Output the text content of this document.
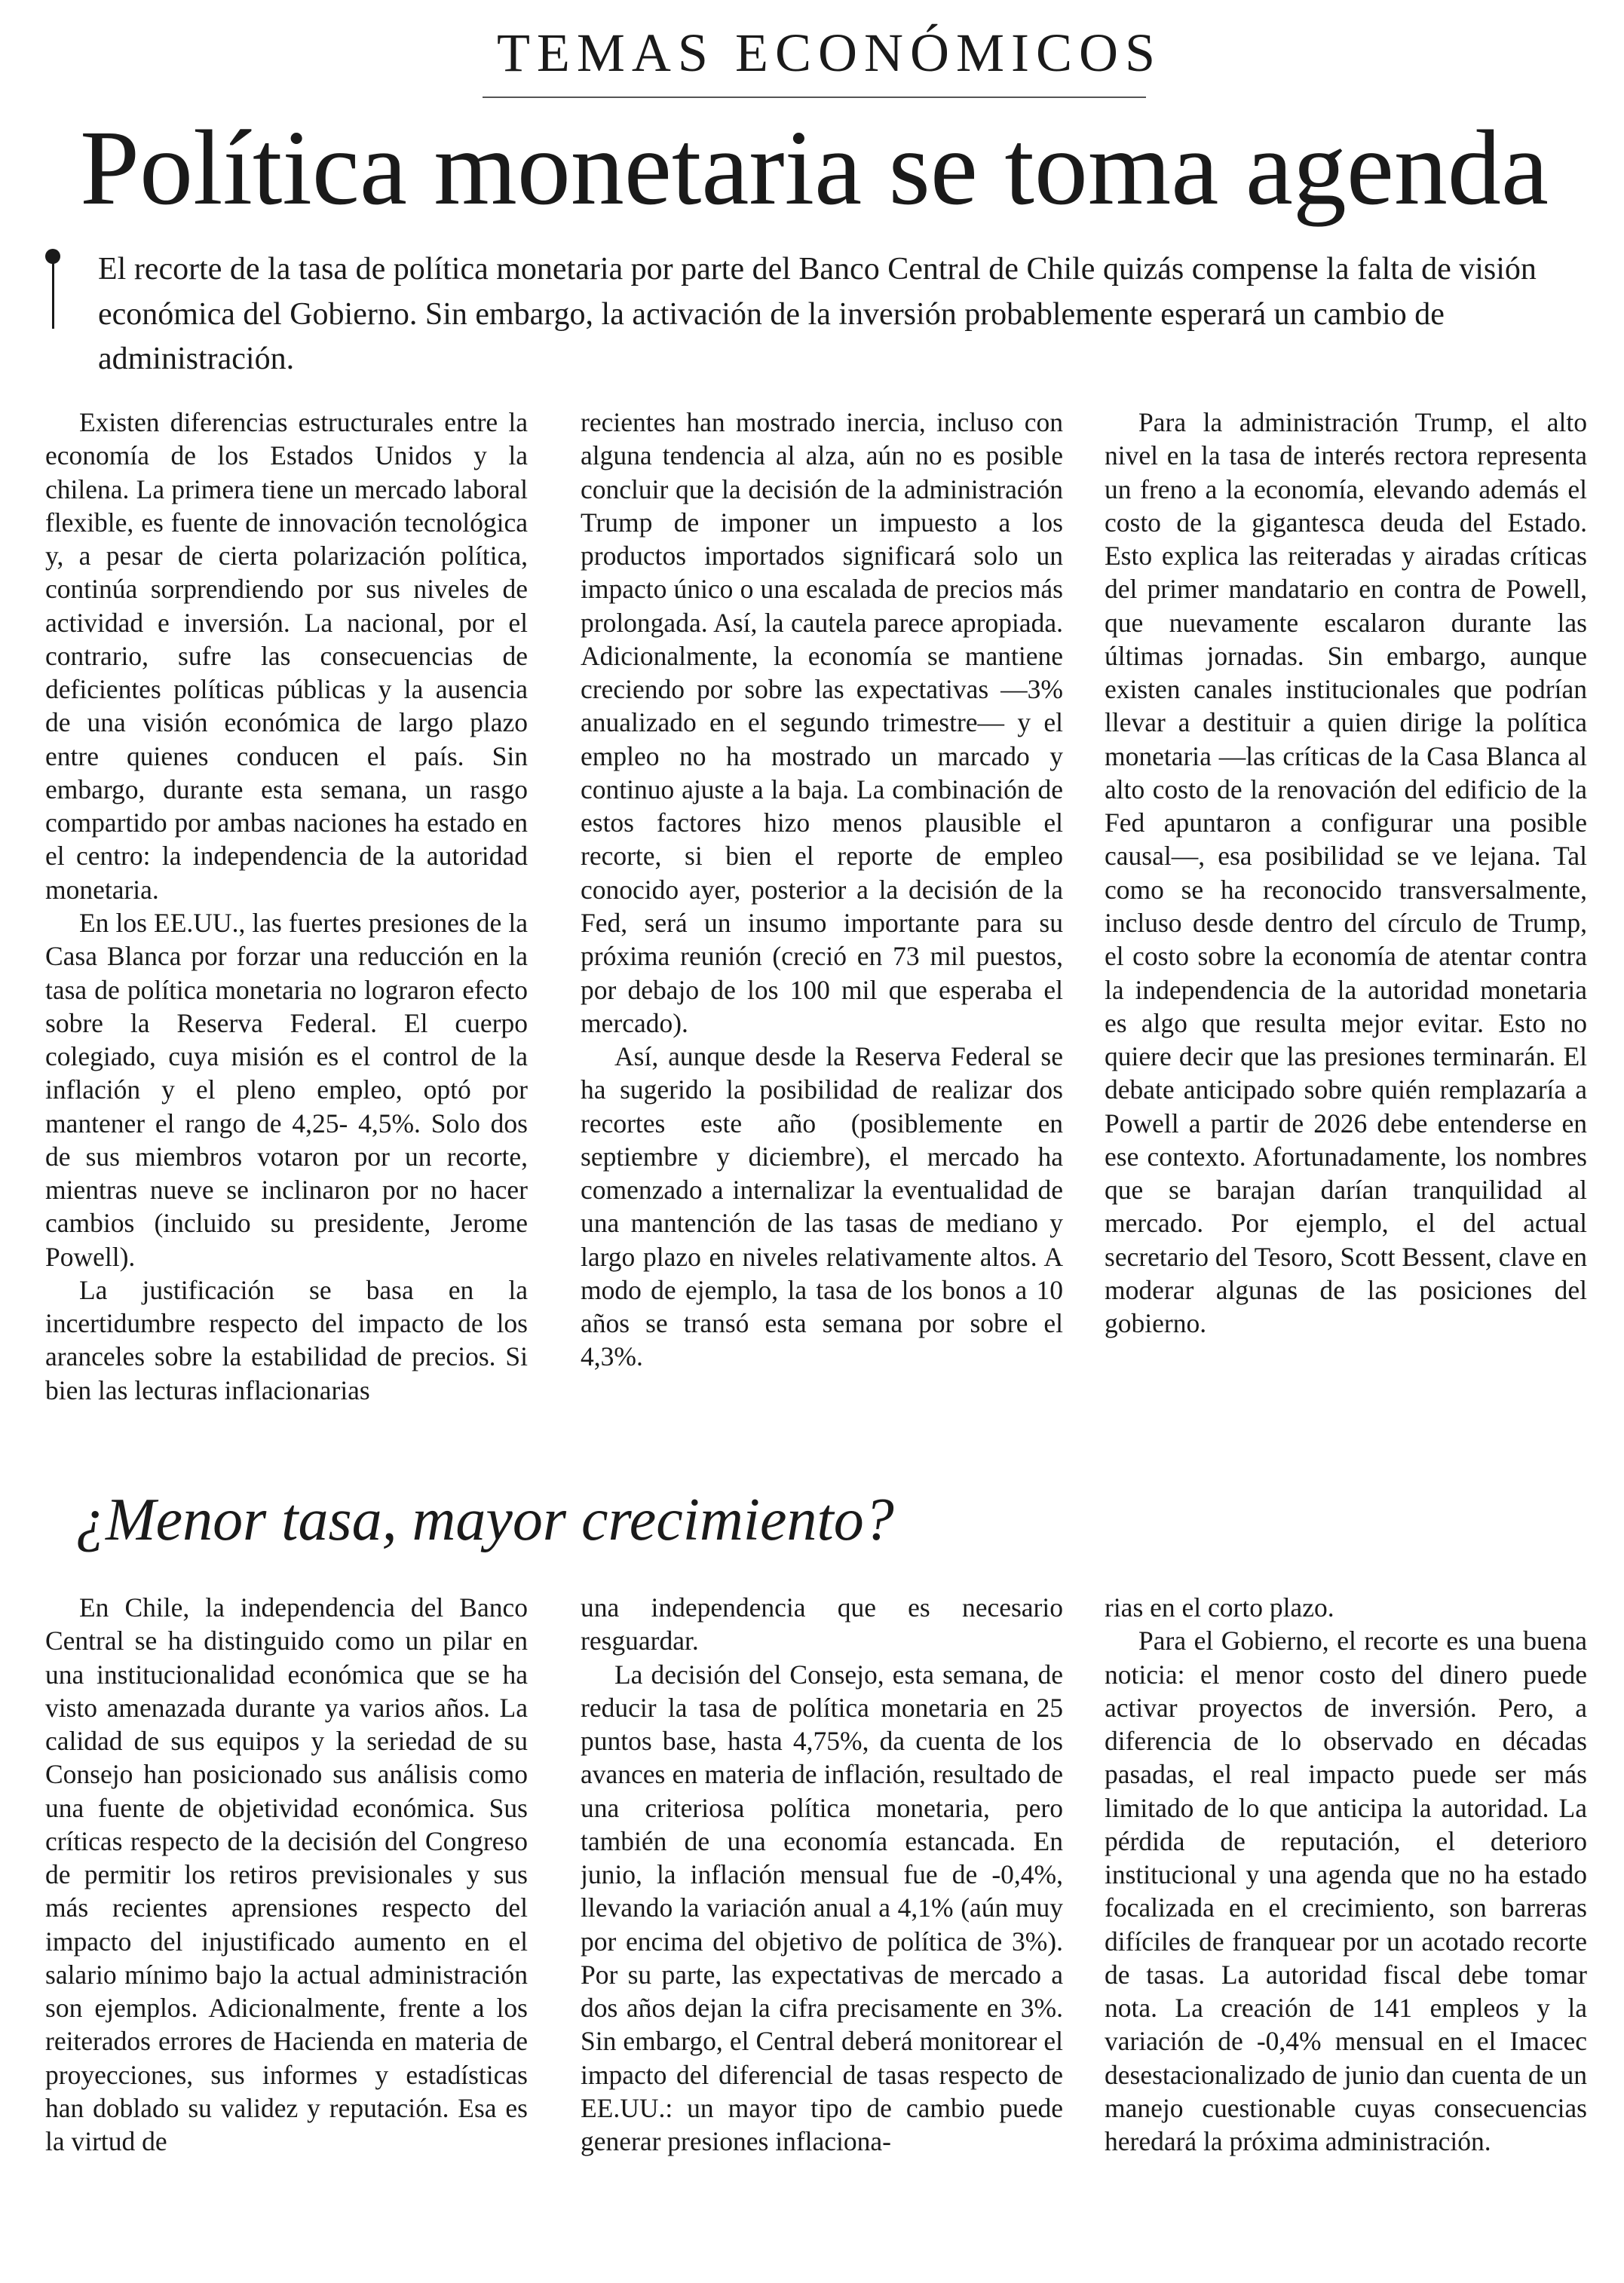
TEMAS ECONÓMICOS
Política monetaria se toma agenda

El recorte de la tasa de política monetaria por parte del Banco Central de Chile quizás compense la falta de visión económica del Gobierno. Sin embargo, la activación de la inversión probablemente esperará un cambio de administración.

Existen diferencias estructurales entre la economía de los Estados Unidos y la chilena. La primera tiene un mercado laboral flexible, es fuente de innovación tecnológica y, a pesar de cierta polarización política, continúa sorprendiendo por sus niveles de actividad e inversión. La nacional, por el contrario, sufre las consecuencias de deficientes políticas públicas y la ausencia de una visión económica de largo plazo entre quienes conducen el país. Sin embargo, durante esta semana, un rasgo compartido por ambas naciones ha estado en el centro: la independencia de la autoridad monetaria.

En los EE.UU., las fuertes presiones de la Casa Blanca por forzar una reducción en la tasa de política monetaria no lograron efecto sobre la Reserva Federal. El cuerpo colegiado, cuya misión es el control de la inflación y el pleno empleo, optó por mantener el rango de 4,25- 4,5%. Solo dos de sus miembros votaron por un recorte, mientras nueve se inclinaron por no hacer cambios (incluido su presidente, Jerome Powell).

La justificación se basa en la incertidumbre respecto del impacto de los aranceles sobre la estabilidad de precios. Si bien las lecturas inflacionarias

recientes han mostrado inercia, incluso con alguna tendencia al alza, aún no es posible concluir que la decisión de la administración Trump de imponer un impuesto a los productos importados significará solo un impacto único o una escalada de precios más prolongada. Así, la cautela parece apropiada. Adicionalmente, la economía se mantiene creciendo por sobre las expectativas —3% anualizado en el segundo trimestre— y el empleo no ha mostrado un marcado y continuo ajuste a la baja. La combinación de estos factores hizo menos plausible el recorte, si bien el reporte de empleo conocido ayer, posterior a la decisión de la Fed, será un insumo importante para su próxima reunión (creció en 73 mil puestos, por debajo de los 100 mil que esperaba el mercado).

Así, aunque desde la Reserva Federal se ha sugerido la posibilidad de realizar dos recortes este año (posiblemente en septiembre y diciembre), el mercado ha comenzado a internalizar la eventualidad de una mantención de las tasas de mediano y largo plazo en niveles relativamente altos. A modo de ejemplo, la tasa de los bonos a 10 años se transó esta semana por sobre el 4,3%.

Para la administración Trump, el alto nivel en la tasa de interés rectora representa un freno a la economía, elevando además el costo de la gigantesca deuda del Estado. Esto explica las reiteradas y airadas críticas del primer mandatario en contra de Powell, que nuevamente escalaron durante las últimas jornadas. Sin embargo, aunque existen canales institucionales que podrían llevar a destituir a quien dirige la política monetaria —las críticas de la Casa Blanca al alto costo de la renovación del edificio de la Fed apuntaron a configurar una posible causal—, esa posibilidad se ve lejana. Tal como se ha reconocido transversalmente, incluso desde dentro del círculo de Trump, el costo sobre la economía de atentar contra la independencia de la autoridad monetaria es algo que resulta mejor evitar. Esto no quiere decir que las presiones terminarán. El debate anticipado sobre quién remplazaría a Powell a partir de 2026 debe entenderse en ese contexto. Afortunadamente, los nombres que se barajan darían tranquilidad al mercado. Por ejemplo, el del actual secretario del Tesoro, Scott Bessent, clave en moderar algunas de las posiciones del gobierno.

¿Menor tasa, mayor crecimiento?

En Chile, la independencia del Banco Central se ha distinguido como un pilar en una institucionalidad económica que se ha visto amenazada durante ya varios años. La calidad de sus equipos y la seriedad de su Consejo han posicionado sus análisis como una fuente de objetividad económica. Sus críticas respecto de la decisión del Congreso de permitir los retiros previsionales y sus más recientes aprensiones respecto del impacto del injustificado aumento en el salario mínimo bajo la actual administración son ejemplos. Adicionalmente, frente a los reiterados errores de Hacienda en materia de proyecciones, sus informes y estadísticas han doblado su validez y reputación. Esa es la virtud de

una independencia que es necesario resguardar.

La decisión del Consejo, esta semana, de reducir la tasa de política monetaria en 25 puntos base, hasta 4,75%, da cuenta de los avances en materia de inflación, resultado de una criteriosa política monetaria, pero también de una economía estancada. En junio, la inflación mensual fue de -0,4%, llevando la variación anual a 4,1% (aún muy por encima del objetivo de política de 3%). Por su parte, las expectativas de mercado a dos años dejan la cifra precisamente en 3%. Sin embargo, el Central deberá monitorear el impacto del diferencial de tasas respecto de EE.UU.: un mayor tipo de cambio puede generar presiones inflaciona-

rias en el corto plazo.

Para el Gobierno, el recorte es una buena noticia: el menor costo del dinero puede activar proyectos de inversión. Pero, a diferencia de lo observado en décadas pasadas, el real impacto puede ser más limitado de lo que anticipa la autoridad. La pérdida de reputación, el deterioro institucional y una agenda que no ha estado focalizada en el crecimiento, son barreras difíciles de franquear por un acotado recorte de tasas. La autoridad fiscal debe tomar nota. La creación de 141 empleos y la variación de -0,4% mensual en el Imacec desestacionalizado de junio dan cuenta de un manejo cuestionable cuyas consecuencias heredará la próxima administración.
